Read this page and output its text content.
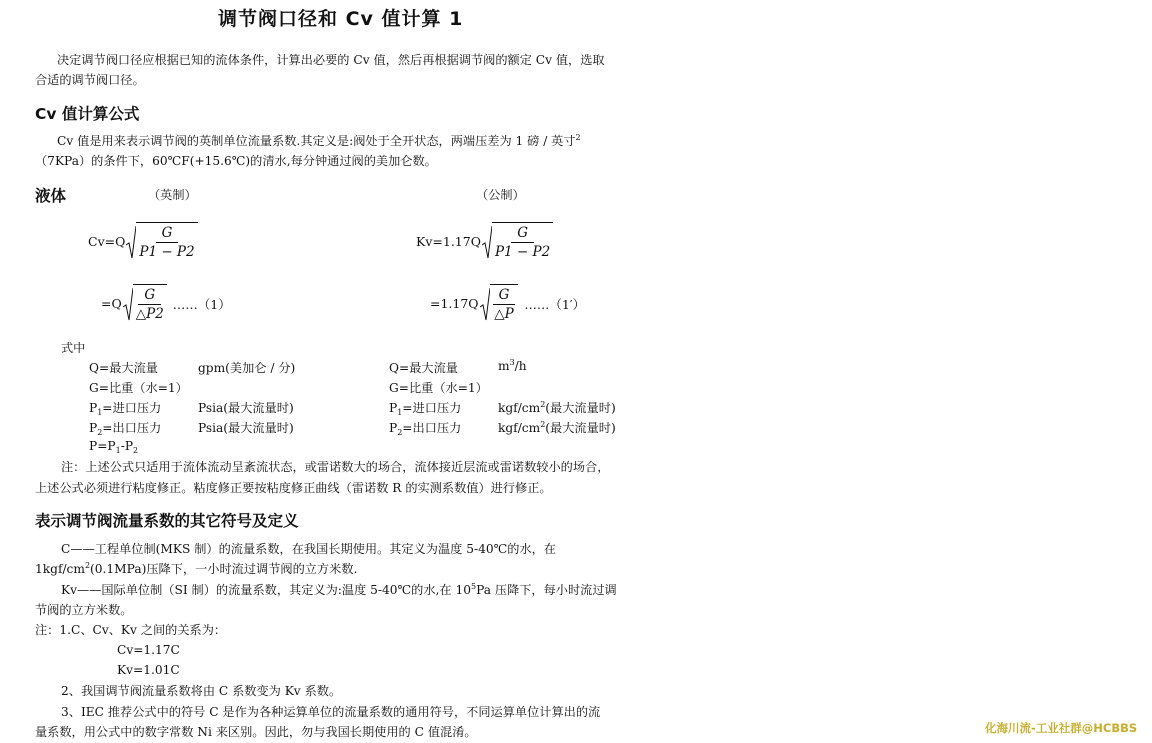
调节阀口径和 Cv 值计算 1
决定调节阀口径应根据已知的流体条件，计算出必要的 Cv 值，然后再根据调节阀的额定 Cv 值，选取
合适的调节阀口径。
Cv 值计算公式
Cv 值是用来表示调节阀的英制单位流量系数.其定义是:阀处于全开状态，两端压差为 1 磅 / 英寸$^2$
（7KPa）的条件下，60℃F(+15.6℃)的清水,每分钟通过阀的美加仑数。
液体	（英制）	（公制）
$Cv=Q \frac{G}{P1 - P2}$
$=Q \frac{G}{\triangle P2}$ ……（1）
$Kv=1.17Q \frac{G}{P1 - P2}$
$=1.17Q \frac{G}{\triangle P}$ ……（1′）
式中
Q=最大流量	gpm(美加仑 / 分)
G=比重（水=1）
$P_1=$进口压力	Psia(最大流量时)
$P_2=$出口压力	Psia(最大流量时)
$P=P_1-P_2$
Q=最大流量	$m^3/h$
G=比重（水=1）
$P_1=$进口压力	kgf/$cm^2$(最大流量时)
$P_2=$出口压力	kgf/$cm^2$(最大流量时)
注：上述公式只适用于流体流动呈紊流状态，或雷诺数大的场合，流体接近层流或雷诺数较小的场合，
上述公式必须进行粘度修正。粘度修正要按粘度修正曲线（雷诺数 R 的实测系数值）进行修正。
表示调节阀流量系数的其它符号及定义
C——工程单位制(MKS 制）的流量系数，在我国长期使用。其定义为温度 5-40℃的水，在
$1kgf/cm^2(0.1MPa)$压降下，一小时流过调节阀的立方米数.
Kv——国际单位制（SI 制）的流量系数，其定义为:温度 5-40℃的水,在 $10^5Pa$ 压降下，每小时流过调
节阀的立方米数。
注：1.C、Cv、Kv 之间的关系为：
Cv=1.17C
Kv=1.01C
2、我国调节阀流量系数将由 C 系数变为 Kv 系数。
3、IEC 推荐公式中的符号 C 是作为各种运算单位的流量系数的通用符号，不同运算单位计算出的流
量系数，用公式中的数字常数 Ni 来区别。因此，勿与我国长期使用的 C 值混淆。	化海川流-工业社群@HCBBS
